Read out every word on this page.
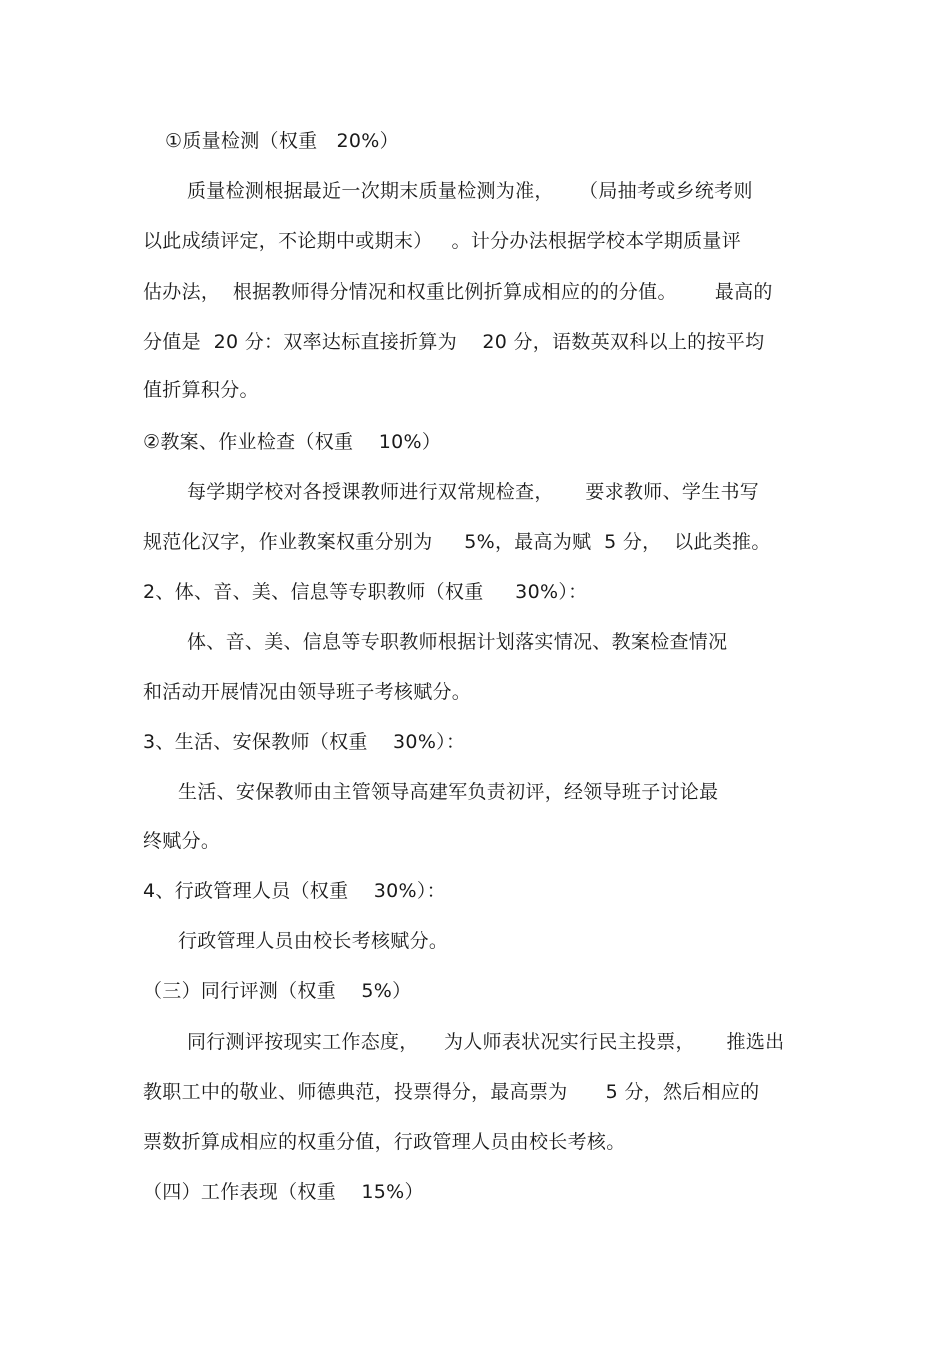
①质量检测（权重   20%）
质量检测根据最近一次期末质量检测为准，    （局抽考或乡统考则
以此成绩评定，不论期中或期末）   。计分办法根据学校本学期质量评
估办法，  根据教师得分情况和权重比例折算成相应的的分值。      最高的
分值是  20 分：双率达标直接折算为    20 分，语数英双科以上的按平均
值折算积分。
②教案、作业检查（权重    10%）
每学期学校对各授课教师进行双常规检查，     要求教师、学生书写
规范化汉字，作业教案权重分别为     5%，最高为赋  5 分，  以此类推。
2、体、音、美、信息等专职教师（权重     30%）：
体、音、美、信息等专职教师根据计划落实情况、教案检查情况
和活动开展情况由领导班子考核赋分。
3、生活、安保教师（权重    30%）：
生活、安保教师由主管领导高建军负责初评，经领导班子讨论最
终赋分。
4、行政管理人员（权重    30%）：
行政管理人员由校长考核赋分。
（三）同行评测（权重    5%）
同行测评按现实工作态度，    为人师表状况实行民主投票，     推选出
教职工中的敬业、师德典范，投票得分，最高票为      5 分，然后相应的
票数折算成相应的权重分值，行政管理人员由校长考核。
（四）工作表现（权重    15%）
